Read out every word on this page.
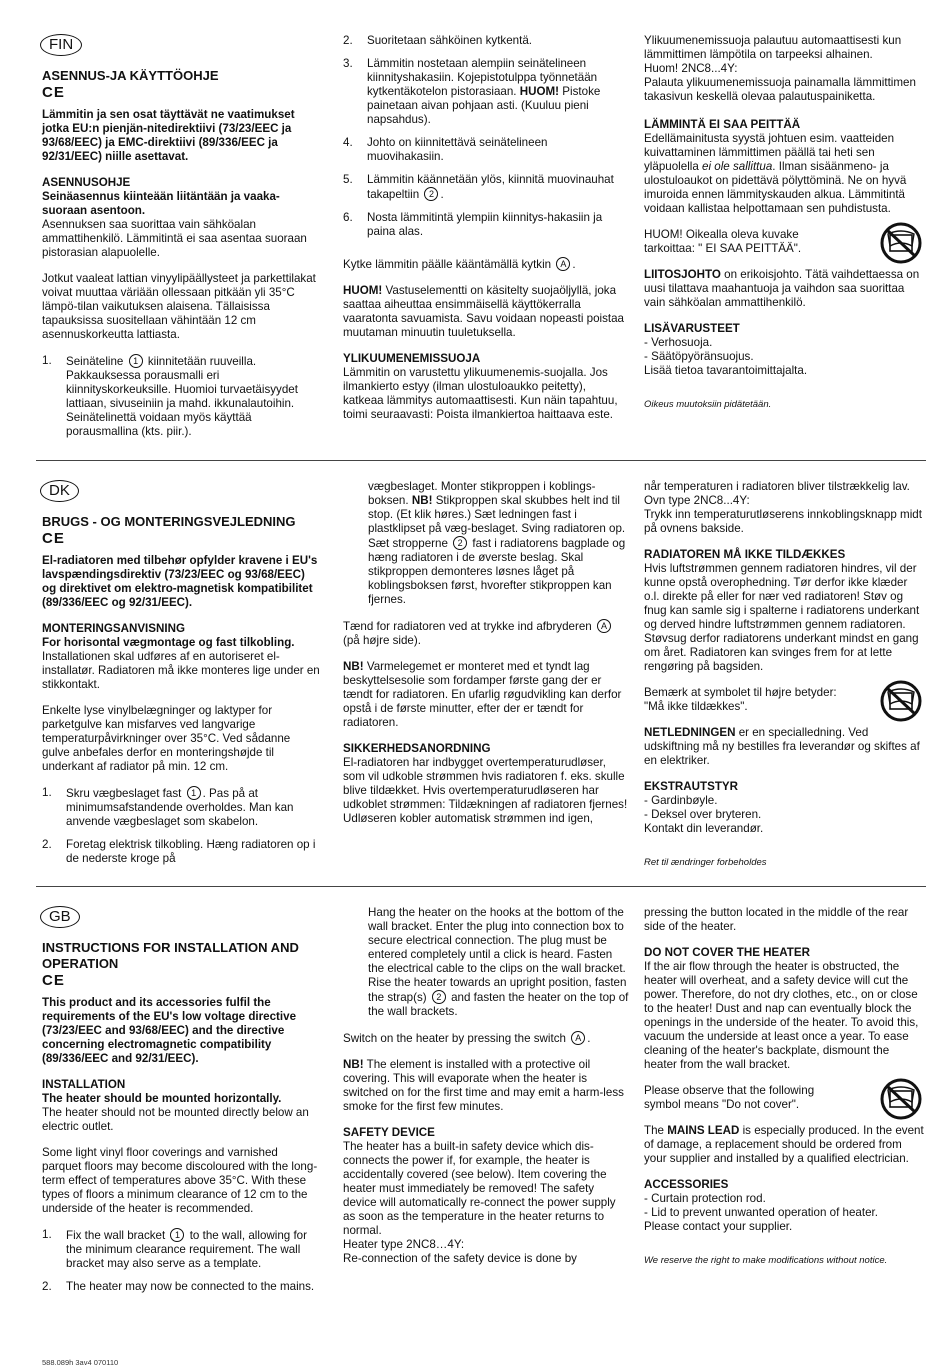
FIN
ASENNUS-JA KÄYTTÖOHJE
CE

Lämmitin ja sen osat täyttävät ne vaatimukset jotka EU:n pienjän-nitedirektiivi (73/23/EEC ja 93/68/EEC) ja EMC-direktiivi (89/336/EEC ja 92/31/EEC) niille asettavat.

ASENNUSOHJE
Seinäasennus kiinteään liitäntään ja vaaka-suoraan asentoon.

Asennuksen saa suorittaa vain sähköalan ammattihenkilö. Lämmitintä ei saa asentaa suoraan pistorasian alapuolelle.

Jotkut vaaleat lattian vinyylipäällysteet ja parkettilakat voivat muuttaa väriään ollessaan pitkään yli 35°C lämpö-tilan vaikutuksen alaisena. Tällaisissa tapauksissa suositellaan vähintään 12 cm asennuskorkeutta lattiasta.

1.	Seinäteline 1 kiinnitetään ruuveilla. Pakkauksessa porausmalli eri kiinnityskorkeuksille. Huomioi turvaetäisyydet lattiaan, sivuseiniin ja mahd. ikkunalautoihin. Seinätelinettä voidaan myös käyttää porausmallina (kts. piir.).
2.	Suoritetaan sähköinen kytkentä.
3.	Lämmitin nostetaan alempiin seinätelineen kiinnityshakasiin. Kojepistotulppa työnnetään kytkentäkotelon pistorasiaan. HUOM! Pistoke painetaan aivan pohjaan asti. (Kuuluu pieni napsahdus).
4.	Johto on kiinnitettävä seinätelineen muovihakasiin.
5.	Lämmitin käännetään ylös, kiinnitä muovinauhat takapeltiin 2 .
6.	Nosta lämmitintä ylempiin kiinnitys-hakasiin ja paina alas.

Kytke lämmitin päälle kääntämällä kytkin A .

HUOM! Vastuselementti on käsitelty suojaöljyllä, joka saattaa aiheuttaa ensimmäisellä käyttökerralla vaaratonta savuamista. Savu voidaan nopeasti poistaa muutaman minuutin tuuletuksella.

YLIKUUMENEMISSUOJA

Lämmitin on varustettu ylikuumenemis-suojalla. Jos ilmankierto estyy (ilman ulostuloaukko peitetty), katkeaa lämmitys automaattisesti. Kun näin tapahtuu, toimi seuraavasti: Poista ilmankiertoa haittaava este.

Ylikuumenemissuoja palautuu automaattisesti kun lämmittimen lämpötila on tarpeeksi alhainen.
Huom! 2NC8...4Y:

Palauta ylikuumenemissuoja painamalla lämmittimen takasivun keskellä olevaa palautuspainiketta.

LÄMMINTÄ EI SAA PEITTÄÄ

Edellämainitusta syystä johtuen esim. vaatteiden kuivattaminen lämmittimen päällä tai heti sen yläpuolella ei ole sallittua. Ilman sisäänmeno- ja ulostuloaukot on pidettävä pölyttöminä. Ne on hyvä imuroida ennen lämmityskauden alkua. Lämmitintä voidaan kallistaa helpottamaan sen puhdistusta.

HUOM! Oikealla oleva kuvake tarkoittaa: " EI SAA PEITTÄÄ".

LIITOSJOHTO on erikoisjohto. Tätä vaihdettaessa on uusi tilattava maahantuoja ja vaihdon saa suorittaa vain sähköalan ammattihenkilö.

LISÄVARUSTEET
- Verhosuoja.
- Säätöpyöränsuojus.
Lisää tietoa tavarantoimittajalta.
Oikeus muutoksiin pidätetään.
DK
BRUGS - OG MONTERINGSVEJLEDNING
CE

El-radiatoren med tilbehør opfylder kravene i EU's lavspændingsdirektiv (73/23/EEC og 93/68/EEC) og direktivet om elektro-magnetisk kompatibilitet (89/336/EEC og 92/31/EEC).

MONTERINGSANVISNING
For horisontal vægmontage og fast tilkobling.

Installationen skal udføres af en autoriseret el-installatør. Radiatoren må ikke monteres lige under en stikkontakt.

Enkelte lyse vinylbelægninger og laktyper for parketgulve kan misfarves ved langvarige temperaturpåvirkninger over 35°C. Ved sådanne gulve anbefales derfor en monteringshøjde til underkant af radiator på min. 12 cm.

1.	Skru vægbeslaget fast 1 . Pas på at minimumsafstandende overholdes. Man kan anvende vægbeslaget som skabelon.
2.	Foretag elektrisk tilkobling. Hæng radiatoren op i de nederste kroge på

vægbeslaget. Monter stikproppen i koblings-boksen. NB! Stikproppen skal skubbes helt ind til stop. (Et klik høres.) Sæt ledningen fast i plastklipset på væg-beslaget. Sving radiatoren op. Sæt stropperne 2 fast i radiatorens bagplade og hæng radiatoren i de øverste beslag. Skal stikproppen demonteres løsnes låget på koblingsboksen først, hvorefter stikproppen kan fjernes.

Tænd for radiatoren ved at trykke ind afbryderen A (på højre side).

NB! Varmelegemet er monteret med et tyndt lag beskyttelsesolie som fordamper første gang der er tændt for radiatoren. En ufarlig røgudvikling kan derfor opstå i de første minutter, efter der er tændt for radiatoren.

SIKKERHEDSANORDNING

El-radiatoren har indbygget overtemperaturudløser, som vil udkoble strømmen hvis radiatoren f. eks. skulle blive tildækket. Hvis overtemperaturudløseren har udkoblet strømmen: Tildækningen af radiatoren fjernes! Udløseren kobler automatisk strømmen ind igen,

når temperaturen i radiatoren bliver tilstrækkelig lav.
Ovn type 2NC8...4Y:

Trykk inn temperaturutløserens innkoblingsknapp midt på ovnens bakside.

RADIATOREN MÅ IKKE TILDÆKKES

Hvis luftstrømmen gennem radiatoren hindres, vil der kunne opstå overophedning. Tør derfor ikke klæder o.l. direkte på eller for nær ved radiatoren! Støv og fnug kan samle sig i spalterne i radiatorens underkant og derved hindre luftstrømmen gennem radiatoren. Støvsug derfor radiatorens underkant mindst en gang om året. Radiatoren kan svinges frem for at lette rengøring på bagsiden.

Bemærk at symbolet til højre betyder: "Må ikke tildækkes".

NETLEDNINGEN er en specialledning. Ved udskiftning må ny bestilles fra leverandør og skiftes af en elektriker.

EKSTRAUTSTYR
- Gardinbøyle.
- Deksel over bryteren.
Kontakt din leverandør.
Ret til ændringer forbeholdes
GB
INSTRUCTIONS FOR INSTALLATION AND OPERATION
CE

This product and its accessories fulfil the requirements of the EU's low voltage directive (73/23/EEC and 93/68/EEC) and the directive concerning electromagnetic compatibility (89/336/EEC and 92/31/EEC).

INSTALLATION
The heater should be mounted horizontally.

The heater should not be mounted directly below an electric outlet.

Some light vinyl floor coverings and varnished parquet floors may become discoloured with the long-term effect of temperatures above 35°C. With these types of floors a minimum clearance of 12 cm to the underside of the heater is recommended.

1.	Fix the wall bracket 1 to the wall, allowing for the minimum clearance requirement. The wall bracket may also serve as a template.
2.	The heater may now be connected to the mains.

Hang the heater on the hooks at the bottom of the wall bracket. Enter the plug into connection box to secure electrical connection. The plug must be entered completely until a click is heard. Fasten the electrical cable to the clips on the wall bracket. Rise the heater towards an upright position, fasten the strap(s) 2 and fasten the heater on the top of the wall brackets.

Switch on the heater by pressing the switch A .

NB! The element is installed with a protective oil covering. This will evaporate when the heater is switched on for the first time and may emit a harm-less smoke for the first few minutes.

SAFETY DEVICE
The heater has a built-in safety device which dis-connects the power if, for example, the heater is accidentally covered (see below). Item covering the heater must immediately be removed! The safety device will automatically re-connect the power supply as soon as the temperature in the heater returns to normal.
Heater type 2NC8…4Y:
Re-connection of the safety device is done by

pressing the button located in the middle of the rear side of the heater.

DO NOT COVER THE HEATER

If the air flow through the heater is obstructed, the heater will overheat, and a safety device will cut the power. Therefore, do not dry clothes, etc., on or close to the heater! Dust and nap can eventually block the openings in the underside of the heater. To avoid this, vacuum the underside at least once a year. To ease cleaning of the heater's backplate, dismount the heater from the wall bracket.

Please observe that the following symbol means "Do not cover".

The MAINS LEAD is especially produced. In the event of damage, a replacement should be ordered from your supplier and installed by a qualified electrician.

ACCESSORIES
- Curtain protection rod.
- Lid to prevent unwanted operation of heater.
Please contact your supplier.
We reserve the right to make modifications without notice.
588.089h 3av4 070110
